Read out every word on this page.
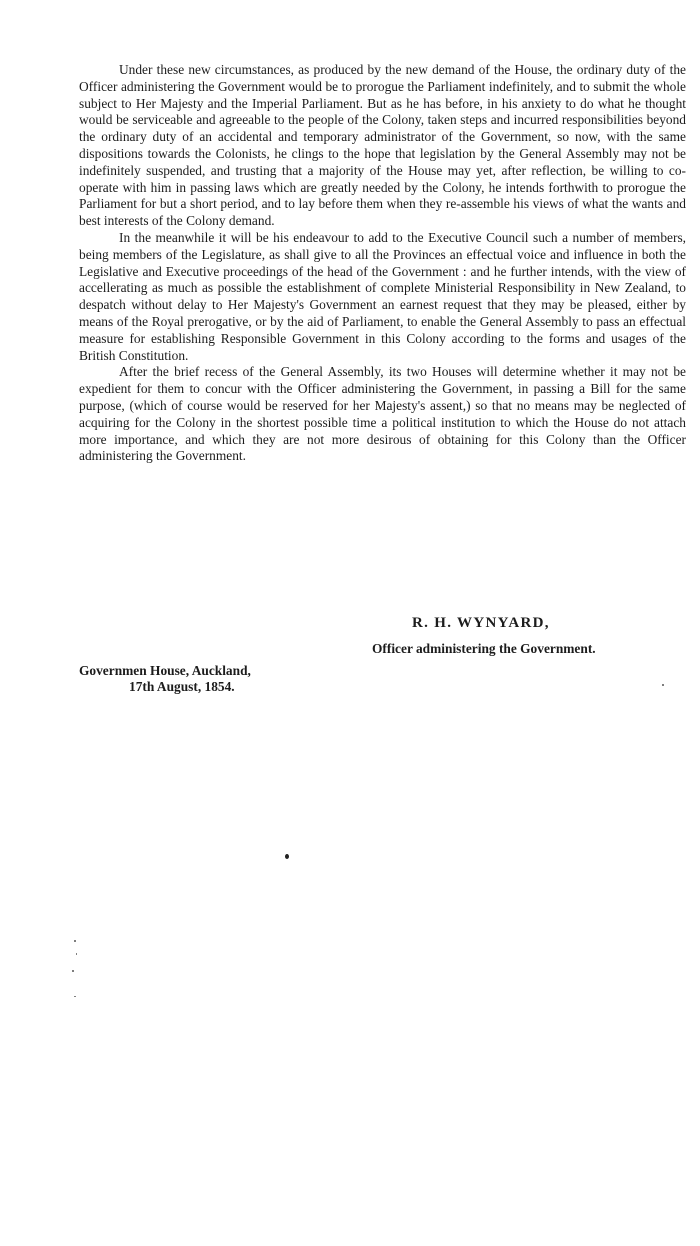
Under these new circumstances, as produced by the new demand of the House, the ordinary duty of the Officer administering the Government would be to prorogue the Parliament indefinitely, and to submit the whole subject to Her Majesty and the Imperial Parliament. But as he has before, in his anxiety to do what he thought would be serviceable and agreeable to the people of the Colony, taken steps and incurred responsibilities beyond the ordinary duty of an accidental and temporary administrator of the Government, so now, with the same dispositions towards the Colonists, he clings to the hope that legislation by the General Assembly may not be indefinitely suspended, and trusting that a majority of the House may yet, after reflection, be willing to co-operate with him in passing laws which are greatly needed by the Colony, he intends forthwith to prorogue the Parliament for but a short period, and to lay before them when they re-assemble his views of what the wants and best interests of the Colony demand.

In the meanwhile it will be his endeavour to add to the Executive Council such a number of members, being members of the Legislature, as shall give to all the Provinces an effectual voice and influence in both the Legislative and Executive proceedings of the head of the Government : and he further intends, with the view of accellerating as much as possible the establishment of complete Ministerial Responsibility in New Zealand, to despatch without delay to Her Majesty's Government an earnest request that they may be pleased, either by means of the Royal prerogative, or by the aid of Parliament, to enable the General Assembly to pass an effectual measure for establishing Responsible Government in this Colony according to the forms and usages of the British Constitution.

After the brief recess of the General Assembly, its two Houses will determine whether it may not be expedient for them to concur with the Officer administering the Government, in passing a Bill for the same purpose, (which of course would be reserved for her Majesty's assent,) so that no means may be neglected of acquiring for the Colony in the shortest possible time a political institution to which the House do not attach more importance, and which they are not more desirous of obtaining for this Colony than the Officer administering the Government.

R. H. WYNYARD,
Officer administering the Government.
Governmen House, Auckland,
17th August, 1854.
